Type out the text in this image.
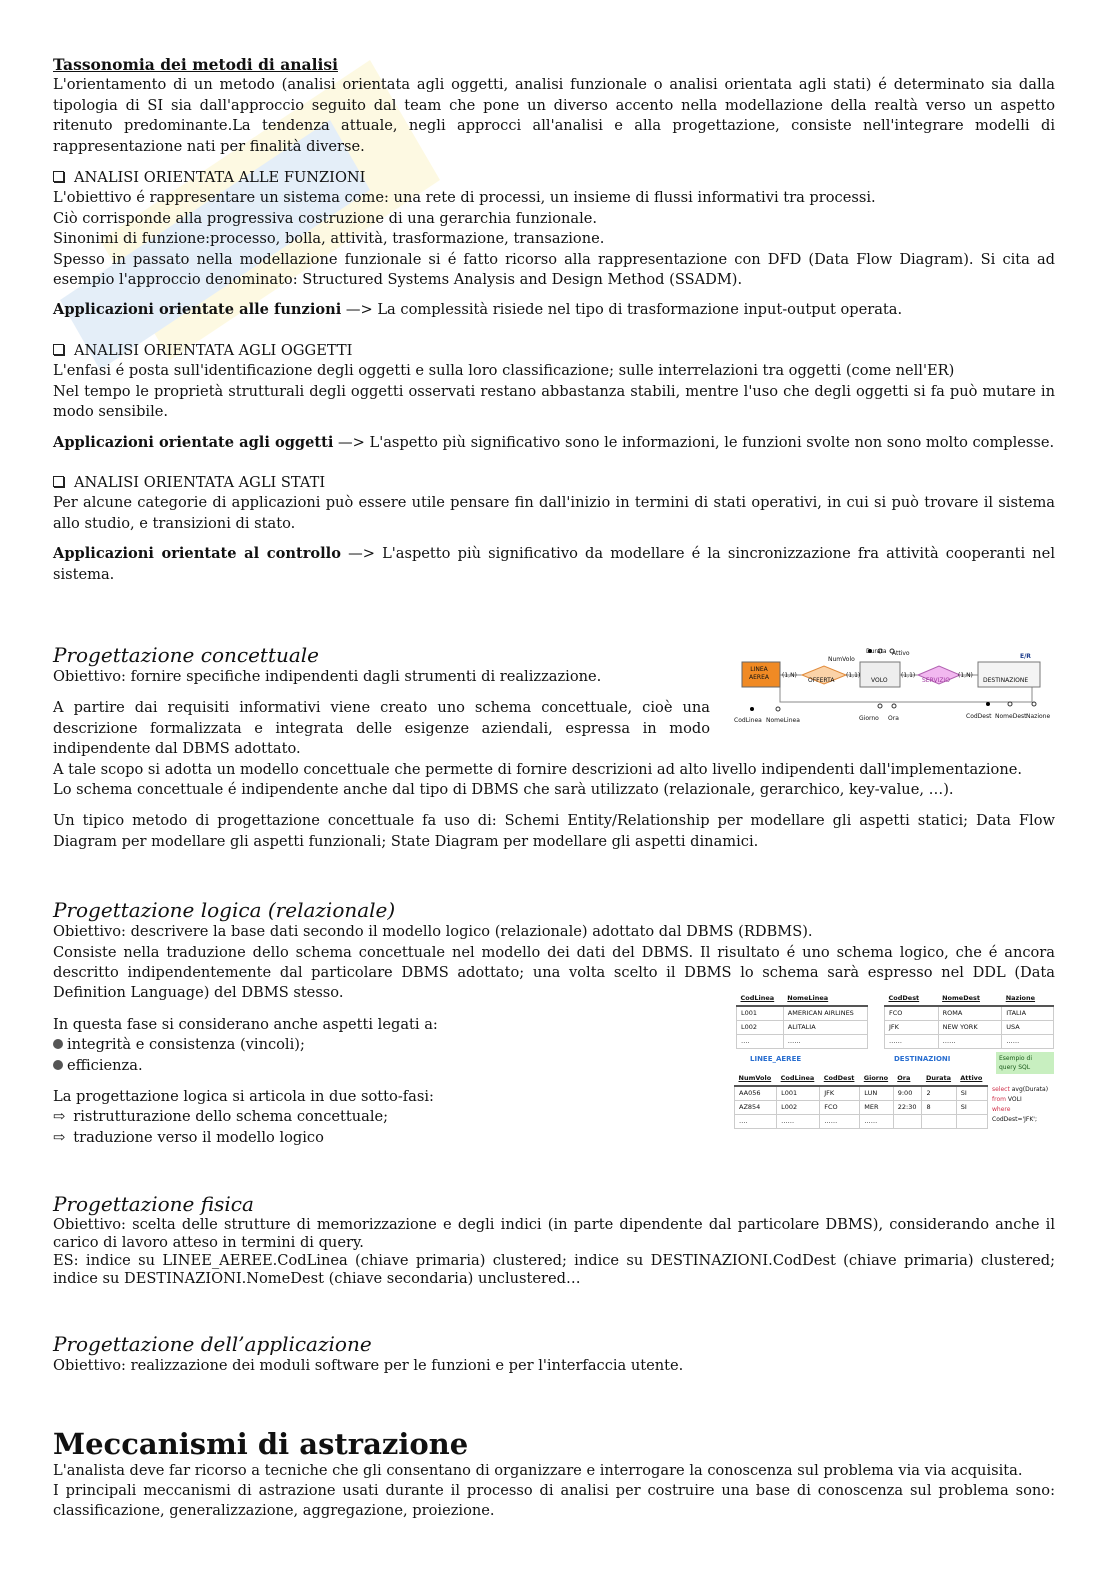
Tassonomia dei metodi di analisi

L'orientamento di un metodo (analisi orientata agli oggetti, analisi funzionale o analisi orientata agli stati) é determinato sia dalla tipologia di SI sia dall'approccio seguito dal team che pone un diverso accento nella modellazione della realtà verso un aspetto ritenuto predominante.La tendenza attuale, negli approcci all'analisi e alla progettazione, consiste nell'integrare modelli di rappresentazione nati per finalità diverse.

ANALISI ORIENTATA ALLE FUNZIONI

L'obiettivo é rappresentare un sistema come: una rete di processi, un insieme di flussi informativi tra processi.

Ciò corrisponde alla progressiva costruzione di una gerarchia funzionale.

Sinonimi di funzione:processo, bolla, attività, trasformazione, transazione.

Spesso in passato nella modellazione funzionale si é fatto ricorso alla rappresentazione con DFD (Data Flow Diagram). Si cita ad esempio l'approccio denominato: Structured Systems Analysis and Design Method (SSADM).

Applicazioni orientate alle funzioni —> La complessità risiede nel tipo di trasformazione input-output operata.

ANALISI ORIENTATA AGLI OGGETTI

L'enfasi é posta sull'identificazione degli oggetti e sulla loro classificazione; sulle interrelazioni tra oggetti (come nell'ER)

Nel tempo le proprietà strutturali degli oggetti osservati restano abbastanza stabili, mentre l'uso che degli oggetti si fa può mutare in modo sensibile.

Applicazioni orientate agli oggetti —> L'aspetto più significativo sono le informazioni, le funzioni svolte non sono molto complesse.

ANALISI ORIENTATA AGLI STATI

Per alcune categorie di applicazioni può essere utile pensare fin dall'inizio in termini di stati operativi, in cui si può trovare il sistema allo studio, e transizioni di stato.

Applicazioni orientate al controllo —> L'aspetto più significativo da modellare é la sincronizzazione fra attività cooperanti nel sistema.

Progettazione concettuale

Obiettivo: fornire specifiche indipendenti dagli strumenti di realizzazione.

A partire dai requisiti informativi viene creato uno schema concettuale, cioè una descrizione formalizzata e integrata delle esigenze aziendali, espressa in modo indipendente dal DBMS adottato.

A tale scopo si adotta un modello concettuale che permette di fornire descrizioni ad alto livello indipendenti dall'implementazione.

Lo schema concettuale é indipendente anche dal tipo di DBMS che sarà utilizzato (relazionale, gerarchico, key-value, …).

Un tipico metodo di progettazione concettuale fa uso di: Schemi Entity/Relationship per modellare gli aspetti statici; Data Flow Diagram per modellare gli aspetti funzionali; State Diagram per modellare gli aspetti dinamici.

Progettazione logica (relazionale)

Obiettivo: descrivere la base dati secondo il modello logico (relazionale) adottato dal DBMS (RDBMS).

Consiste nella traduzione dello schema concettuale nel modello dei dati del DBMS. Il risultato é uno schema logico, che é ancora descritto indipendentemente dal particolare DBMS adottato; una volta scelto il DBMS lo schema sarà espresso nel DDL (Data Definition Language) del DBMS stesso.

In questa fase si considerano anche aspetti legati a:

integrità e consistenza (vincoli);

efficienza.

La progettazione logica si articola in due sotto-fasi:

⇨ ristrutturazione dello schema concettuale;

⇨ traduzione verso il modello logico

Progettazione fisica

Obiettivo: scelta delle strutture di memorizzazione e degli indici (in parte dipendente dal particolare DBMS), considerando anche il carico di lavoro atteso in termini di query.

ES: indice su LINEE_AEREE.CodLinea (chiave primaria) clustered; indice su DESTINAZIONI.CodDest (chiave primaria) clustered; indice su DESTINAZIONI.NomeDest (chiave secondaria) unclustered…

Progettazione dell’applicazione

Obiettivo: realizzazione dei moduli software per le funzioni e per l'interfaccia utente.

Meccanismi di astrazione

L'analista deve far ricorso a tecniche che gli consentano di organizzare e interrogare la conoscenza sul problema via via acquisita.

I principali meccanismi di astrazione usati durante il processo di analisi per costruire una base di conoscenza sul problema sono: classificazione, generalizzazione, aggregazione, proiezione.

LINEA
AEREA	OFFERTA	VOLO	SERVIZIO	DESTINAZIONE
E/R
(1,N)	(1,1)	(1,1)	(1,N)
NumVolo
Durata Attivo
CodLinea NomeLinea	Giorno Ora	CodDest NomeDest Nazione
CodLinea	NomeLinea
L001	AMERICAN AIRLINES
L002	ALITALIA
….	……
LINEE_AEREE
CodDest	NomeDest	Nazione
FCO	ROMA	ITALIA
JFK	NEW YORK	USA
……	……	……
DESTINAZIONI
NumVolo	CodLinea	CodDest	Giorno	Ora	Durata	Attivo
AA056	L001	JFK	LUN	9:00	2	SI
AZ854	L002	FCO	MER	22:30	8	SI
….	……	……	……			
Esempio di query SQL
select avg(Durata)
from VOLI
where
CodDest='JFK';
